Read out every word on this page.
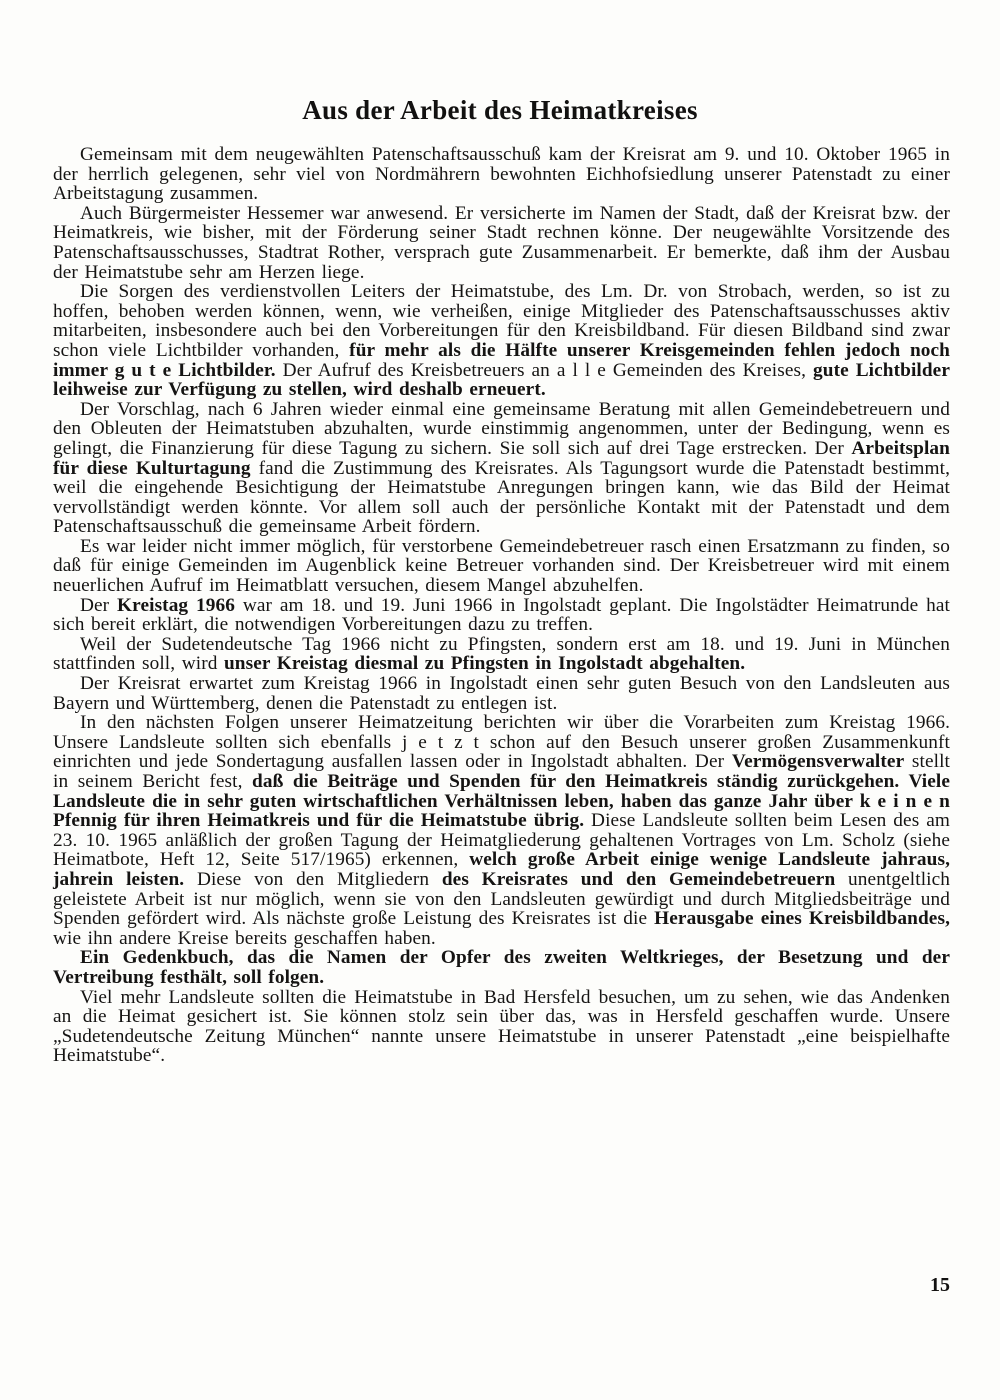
Aus der Arbeit des Heimatkreises

Gemeinsam mit dem neugewählten Patenschaftsausschuß kam der Kreisrat am 9. und 10. Oktober 1965 in der herrlich gelegenen, sehr viel von Nordmährern bewohnten Eichhofsiedlung unserer Patenstadt zu einer Arbeitstagung zusammen.

Auch Bürgermeister Hessemer war anwesend. Er versicherte im Namen der Stadt, daß der Kreisrat bzw. der Heimatkreis, wie bisher, mit der Förderung seiner Stadt rechnen könne. Der neugewählte Vorsitzende des Patenschaftsausschusses, Stadtrat Rother, versprach gute Zusammenarbeit. Er bemerkte, daß ihm der Ausbau der Heimatstube sehr am Herzen liege.

Die Sorgen des verdienstvollen Leiters der Heimatstube, des Lm. Dr. von Strobach, werden, so ist zu hoffen, behoben werden können, wenn, wie verheißen, einige Mitglieder des Patenschaftsausschusses aktiv mitarbeiten, insbesondere auch bei den Vorbereitungen für den Kreisbildband. Für diesen Bildband sind zwar schon viele Lichtbilder vorhanden, für mehr als die Hälfte unserer Kreisgemeinden fehlen jedoch noch immer g u t e Lichtbilder. Der Aufruf des Kreisbetreuers an a l l e Gemeinden des Kreises, gute Lichtbilder leihweise zur Verfügung zu stellen, wird deshalb erneuert.

Der Vorschlag, nach 6 Jahren wieder einmal eine gemeinsame Beratung mit allen Gemeindebetreuern und den Obleuten der Heimatstuben abzuhalten, wurde einstimmig angenommen, unter der Bedingung, wenn es gelingt, die Finanzierung für diese Tagung zu sichern. Sie soll sich auf drei Tage erstrecken. Der Arbeitsplan für diese Kulturtagung fand die Zustimmung des Kreisrates. Als Tagungsort wurde die Patenstadt bestimmt, weil die eingehende Besichtigung der Heimatstube Anregungen bringen kann, wie das Bild der Heimat vervollständigt werden könnte. Vor allem soll auch der persönliche Kontakt mit der Patenstadt und dem Patenschaftsausschuß die gemeinsame Arbeit fördern.

Es war leider nicht immer möglich, für verstorbene Gemeindebetreuer rasch einen Ersatzmann zu finden, so daß für einige Gemeinden im Augenblick keine Betreuer vorhanden sind. Der Kreisbetreuer wird mit einem neuerlichen Aufruf im Heimatblatt versuchen, diesem Mangel abzuhelfen.

Der Kreistag 1966 war am 18. und 19. Juni 1966 in Ingolstadt geplant. Die Ingolstädter Heimatrunde hat sich bereit erklärt, die notwendigen Vorbereitungen dazu zu treffen.

Weil der Sudetendeutsche Tag 1966 nicht zu Pfingsten, sondern erst am 18. und 19. Juni in München stattfinden soll, wird unser Kreistag diesmal zu Pfingsten in Ingolstadt abgehalten.

Der Kreisrat erwartet zum Kreistag 1966 in Ingolstadt einen sehr guten Besuch von den Landsleuten aus Bayern und Württemberg, denen die Patenstadt zu entlegen ist.

In den nächsten Folgen unserer Heimatzeitung berichten wir über die Vorarbeiten zum Kreistag 1966. Unsere Landsleute sollten sich ebenfalls j e t z t schon auf den Besuch unserer großen Zusammenkunft einrichten und jede Sondertagung ausfallen lassen oder in Ingolstadt abhalten. Der Vermögensverwalter stellt in seinem Bericht fest, daß die Beiträge und Spenden für den Heimatkreis ständig zurückgehen. Viele Landsleute die in sehr guten wirtschaftlichen Verhältnissen leben, haben das ganze Jahr über k e i n e n Pfennig für ihren Heimatkreis und für die Heimatstube übrig. Diese Landsleute sollten beim Lesen des am 23. 10. 1965 anläßlich der großen Tagung der Heimatgliederung gehaltenen Vortrages von Lm. Scholz (siehe Heimatbote, Heft 12, Seite 517/1965) erkennen, welch große Arbeit einige wenige Landsleute jahraus, jahrein leisten. Diese von den Mitgliedern des Kreisrates und den Gemeindebetreuern unentgeltlich geleistete Arbeit ist nur möglich, wenn sie von den Landsleuten gewürdigt und durch Mitgliedsbeiträge und Spenden gefördert wird. Als nächste große Leistung des Kreisrates ist die Herausgabe eines Kreisbildbandes, wie ihn andere Kreise bereits geschaffen haben.

Ein Gedenkbuch, das die Namen der Opfer des zweiten Weltkrieges, der Besetzung und der Vertreibung festhält, soll folgen.

Viel mehr Landsleute sollten die Heimatstube in Bad Hersfeld besuchen, um zu sehen, wie das Andenken an die Heimat gesichert ist. Sie können stolz sein über das, was in Hersfeld geschaffen wurde. Unsere „Sudetendeutsche Zeitung München“ nannte unsere Heimatstube in unserer Patenstadt „eine beispielhafte Heimatstube“.

15
